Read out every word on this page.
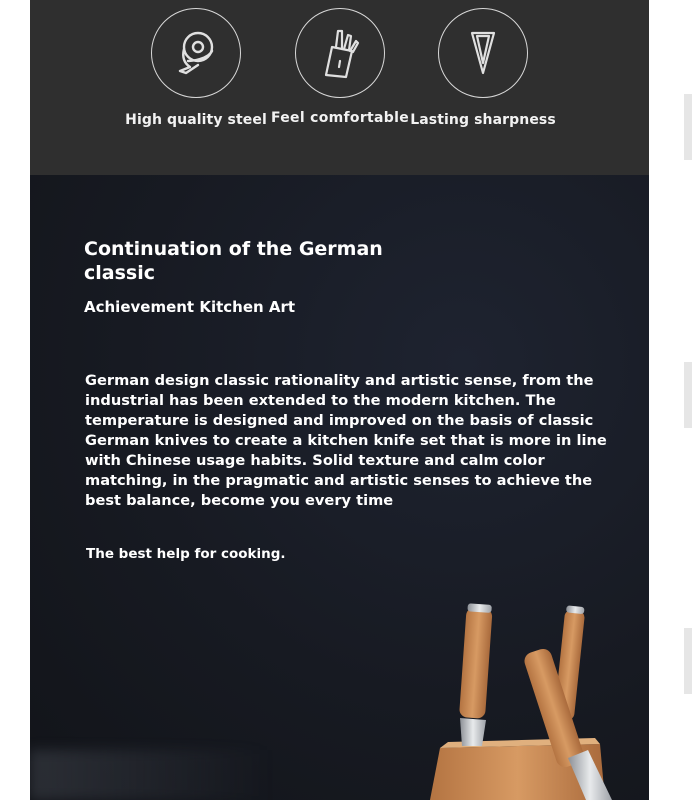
High quality steel Feel comfortable Lasting sharpness
Continuation of the German classic
Achievement Kitchen Art

German design classic rationality and artistic sense, from the industrial has been extended to the modern kitchen. The temperature is designed and improved on the basis of classic German knives to create a kitchen knife set that is more in line with Chinese usage habits. Solid texture and calm color matching, in the pragmatic and artistic senses to achieve the best balance, become you every time

The best help for cooking.
